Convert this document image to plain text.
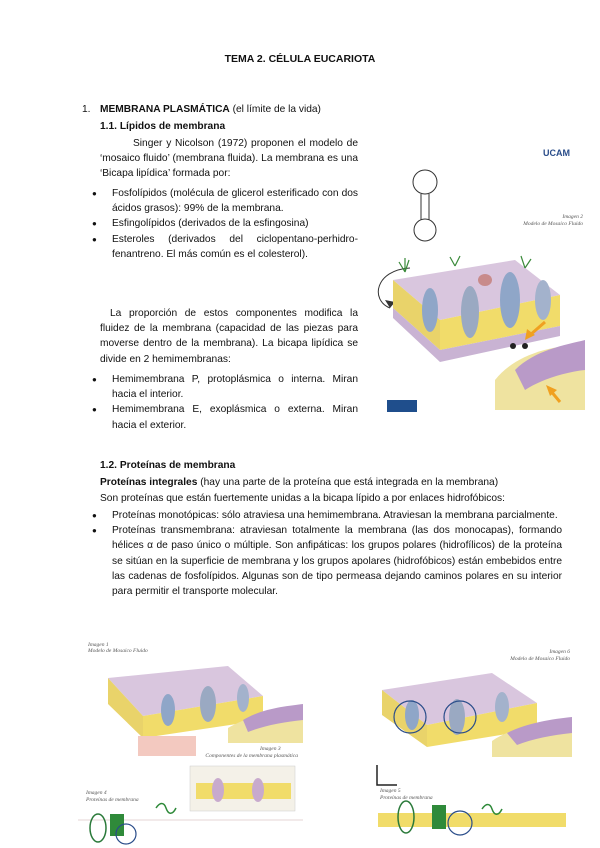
TEMA 2. CÉLULA EUCARIOTA
1. MEMBRANA PLASMÁTICA (el límite de la vida)
1.1. Lípidos de membrana
Singer y Nicolson (1972) proponen el modelo de ‘mosaico fluido’ (membrana fluida). La membrana es una ‘Bicapa lipídica’ formada por:
● Fosfolípidos (molécula de glicerol esterificado con dos ácidos grasos): 99% de la membrana.
● Esfingolípidos (derivados de la esfingosina)
● Esteroles (derivados del ciclopentano-perhidro-fenantreno. El más común es el colesterol).
La proporción de estos componentes modifica la fluidez de la membrana (capacidad de las piezas para moverse dentro de la membrana). La bicapa lipídica se divide en 2 hemimembranas:
● Hemimembrana P, protoplásmica o interna. Miran hacia el interior.
● Hemimembrana E, exoplásmica o externa. Miran hacia el exterior.
1.2. Proteínas de membrana
Proteínas integrales (hay una parte de la proteína que está integrada en la membrana)
Son proteínas que están fuertemente unidas a la bicapa lípido a por enlaces hidrofóbicos:
● Proteínas monotópicas: sólo atraviesa una hemimembrana. Atraviesan la membrana parcialmente.
● Proteínas transmembrana: atraviesan totalmente la membrana (las dos monocapas), formando hélices α de paso único o múltiple. Son anfipáticas: los grupos polares (hidrofílicos) de la proteína se sitúan en la superficie de membrana y los grupos apolares (hidrofóbicos) están embebidos entre las cadenas de fosfolípidos. Algunas son de tipo permeasa dejando caminos polares en su interior para permitir el transporte molecular.
UCAM
Imagen 2
Modelo de Mosaico Fluido
Imagen 1
Modelo de Mosaico Fluido
Imagen 3
Componentes de la membrana plasmática
Imagen 4
Proteínas de membrana
Imagen 6
Modelo de Mosaico Fluido
Imagen 5
Proteínas de membrana
